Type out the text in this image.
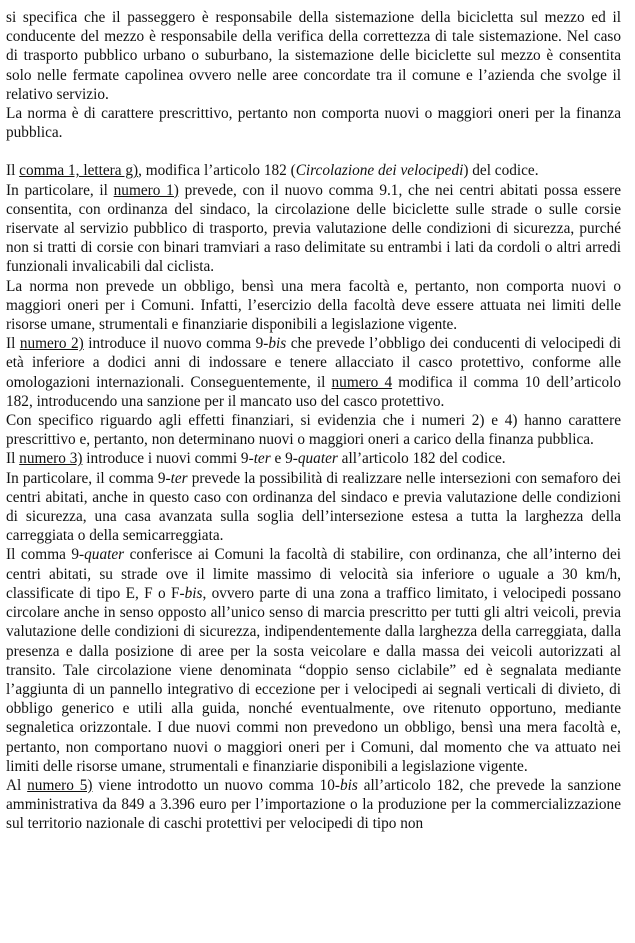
si specifica che il passeggero è responsabile della sistemazione della bicicletta sul mezzo ed il conducente del mezzo è responsabile della verifica della correttezza di tale sistemazione. Nel caso di trasporto pubblico urbano o suburbano, la sistemazione delle biciclette sul mezzo è consentita solo nelle fermate capolinea ovvero nelle aree concordate tra il comune e l’azienda che svolge il relativo servizio.

La norma è di carattere prescrittivo, pertanto non comporta nuovi o maggiori oneri per la finanza pubblica.

Il comma 1, lettera g), modifica l’articolo 182 (Circolazione dei velocipedi) del codice.

In particolare, il numero 1) prevede, con il nuovo comma 9.1, che nei centri abitati possa essere consentita, con ordinanza del sindaco, la circolazione delle biciclette sulle strade o sulle corsie riservate al servizio pubblico di trasporto, previa valutazione delle condizioni di sicurezza, purché non si tratti di corsie con binari tramviari a raso delimitate su entrambi i lati da cordoli o altri arredi funzionali invalicabili dal ciclista.

La norma non prevede un obbligo, bensì una mera facoltà e, pertanto, non comporta nuovi o maggiori oneri per i Comuni. Infatti, l’esercizio della facoltà deve essere attuata nei limiti delle risorse umane, strumentali e finanziarie disponibili a legislazione vigente.

Il numero 2) introduce il nuovo comma 9-bis che prevede l’obbligo dei conducenti di velocipedi di età inferiore a dodici anni di indossare e tenere allacciato il casco protettivo, conforme alle omologazioni internazionali. Conseguentemente, il numero 4 modifica il comma 10 dell’articolo 182, introducendo una sanzione per il mancato uso del casco protettivo.

Con specifico riguardo agli effetti finanziari, si evidenzia che i numeri 2) e 4) hanno carattere prescrittivo e, pertanto, non determinano nuovi o maggiori oneri a carico della finanza pubblica.

Il numero 3) introduce i nuovi commi 9-ter e 9-quater all’articolo 182 del codice.

In particolare, il comma 9-ter prevede la possibilità di realizzare nelle intersezioni con semaforo dei centri abitati, anche in questo caso con ordinanza del sindaco e previa valutazione delle condizioni di sicurezza, una casa avanzata sulla soglia dell’intersezione estesa a tutta la larghezza della carreggiata o della semicarreggiata.

Il comma 9-quater conferisce ai Comuni la facoltà di stabilire, con ordinanza, che all’interno dei centri abitati, su strade ove il limite massimo di velocità sia inferiore o uguale a 30 km/h, classificate di tipo E, F o F-bis, ovvero parte di una zona a traffico limitato, i velocipedi possano circolare anche in senso opposto all’unico senso di marcia prescritto per tutti gli altri veicoli, previa valutazione delle condizioni di sicurezza, indipendentemente dalla larghezza della carreggiata, dalla presenza e dalla posizione di aree per la sosta veicolare e dalla massa dei veicoli autorizzati al transito. Tale circolazione viene denominata “doppio senso ciclabile” ed è segnalata mediante l’aggiunta di un pannello integrativo di eccezione per i velocipedi ai segnali verticali di divieto, di obbligo generico e utili alla guida, nonché eventualmente, ove ritenuto opportuno, mediante segnaletica orizzontale. I due nuovi commi non prevedono un obbligo, bensì una mera facoltà e, pertanto, non comportano nuovi o maggiori oneri per i Comuni, dal momento che va attuato nei limiti delle risorse umane, strumentali e finanziarie disponibili a legislazione vigente.

Al numero 5) viene introdotto un nuovo comma 10-bis all’articolo 182, che prevede la sanzione amministrativa da 849 a 3.396 euro per l’importazione o la produzione per la commercializzazione sul territorio nazionale di caschi protettivi per velocipedi di tipo non
